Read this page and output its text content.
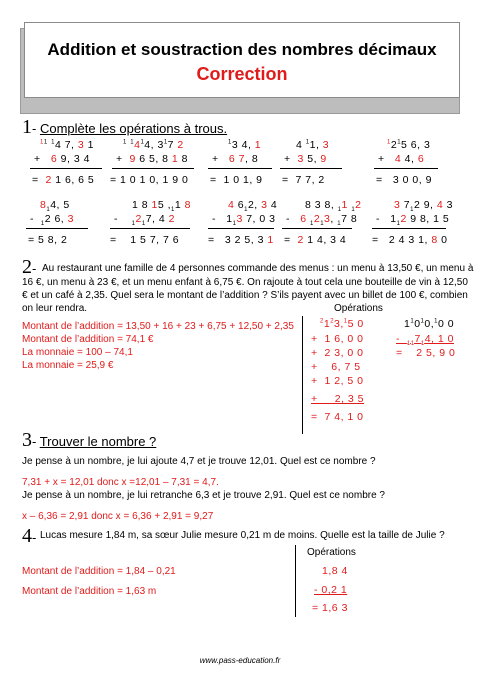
Addition et soustraction des nombres décimaux
Correction
1- Complète les opérations à trous.
$^{11}$ $^1$4 7, 3 1
+   6 9, 3 4
=  2 1 6, 6 5
$^1$ $^14^14$, $3^17$ 2
+  9 6 5, 8 1 8
= 1 0 1 0, 1 9 0
$^1$3 4, 1
+   6 7, 8
=  1 0 1, 9
4 $^1$1, 3
+  3 5, 9
=  7 7, 2
$^12^15$ 6, 3
+   4 4, 6
=   3 0 0, 9
$8_14$, 5
-  $_1$2 6, 3
= 5 8, 2
1 8 15 $,_11$ 8
-    $_12_17$, 4 2
=    1 5 7, 7 6
4 $6_12$, 3 4
-   $1_13$ 7, 0 3
=   3 2 5, 3 1
8 3 8, $_1$1 $_1$2
-   6 $_12_13$, $_1$7 8
=  2 1 4, 3 4
3 $7_12$ 9, 4 3
-   $1_12$ 9 8, 1 5
=   2 4 3 1, 8 0
2- Au restaurant une famille de 4 personnes commande des menus : un menu à 13,50 €, un menu à
16 €, un menu à 23 €, et un menu enfant à 6,75 €. On rajoute à tout cela une bouteille de vin à 12,50
€ et un café à 2,35. Quel sera le montant de l’addition ? S’ils payent avec un billet de 100 €, combien
on leur rendra.	Opérations
Montant de l’addition = 13,50 + 16 + 23 + 6,75 + 12,50 + 2,35
Montant de l’addition = 74,1 €
La monnaie = 100 – 74,1
La monnaie = 25,9 €
$^21^23,^15$ 0
+  1 6, 0 0
+  2 3, 0 0
+    6, 7 5
+  1 2, 5 0
+     2, 3 5
=  7 4, 1 0
$1^10^10,^10$ 0
-  $_{11}7_14$, 1 0
=    2 5, 9 0
3- Trouver le nombre ?
Je pense à un nombre, je lui ajoute 4,7 et je trouve 12,01. Quel est ce nombre ?
7,31 + x = 12,01 donc x =12,01 – 7,31 = 4,7.
Je pense à un nombre, je lui retranche 6,3 et je trouve 2,91. Quel est ce nombre ?
x – 6,36 = 2,91 donc x = 6,36 + 2,91 = 9,27
4- Lucas mesure 1,84 m, sa sœur Julie mesure 0,21 m de moins. Quelle est la taille de Julie ?
Opérations
Montant de l’addition = 1,84 – 0,21
Montant de l’addition = 1,63 m
1,8 4
- 0,2 1
= 1,6 3
www.pass-education.fr
